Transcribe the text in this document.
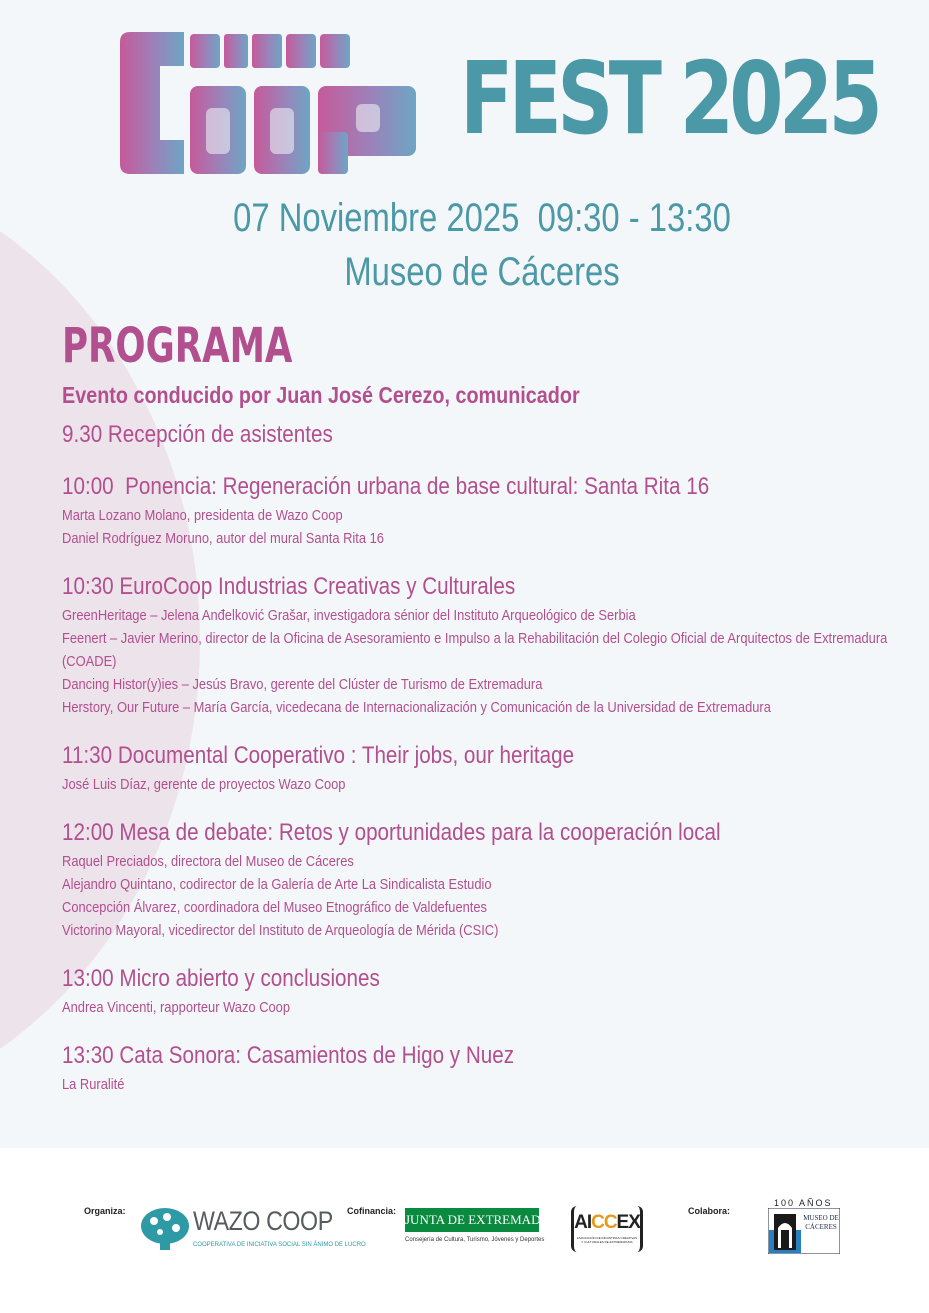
FEST 2025
07 Noviembre 2025  09:30 - 13:30
Museo de Cáceres
PROGRAMA
Evento conducido por Juan José Cerezo, comunicador
9.30 Recepción de asistentes
10:00  Ponencia: Regeneración urbana de base cultural: Santa Rita 16
Marta Lozano Molano, presidenta de Wazo Coop
Daniel Rodríguez Moruno, autor del mural Santa Rita 16
10:30 EuroCoop Industrias Creativas y Culturales
GreenHeritage – Jelena Anđelković Grašar, investigadora sénior del Instituto Arqueológico de Serbia
Feenert – Javier Merino, director de la Oficina de Asesoramiento e Impulso a la Rehabilitación del Colegio Oficial de Arquitectos de Extremadura (COADE)
Dancing Histor(y)ies – Jesús Bravo, gerente del Clúster de Turismo de Extremadura
Herstory, Our Future – María García, vicedecana de Internacionalización y Comunicación de la Universidad de Extremadura
11:30 Documental Cooperativo : Their jobs, our heritage
José Luis Díaz, gerente de proyectos Wazo Coop
12:00 Mesa de debate: Retos y oportunidades para la cooperación local
Raquel Preciados, directora del Museo de Cáceres
Alejandro Quintano, codirector de la Galería de Arte La Sindicalista Estudio
Concepción Álvarez, coordinadora del Museo Etnográfico de Valdefuentes
Victorino Mayoral, vicedirector del Instituto de Arqueología de Mérida (CSIC)
13:00 Micro abierto y conclusiones
Andrea Vincenti, rapporteur Wazo Coop
13:30 Cata Sonora: Casamientos de Higo y Nuez
La Ruralité
Organiza: WAZO COOP
COOPERATIVA DE INICIATIVA SOCIAL SIN ÁNIMO DE LUCRO
Cofinancia:
JUNTA DE EXTREMADURA
Consejería de Cultura, Turismo, Jóvenes y Deportes
AICCEX
ASOCIACIÓN DE INDUSTRIAS CREATIVAS Y CULTURALES DE EXTREMADURA
Colabora:
100 AÑOS
MUSEO DE CÁCERES
